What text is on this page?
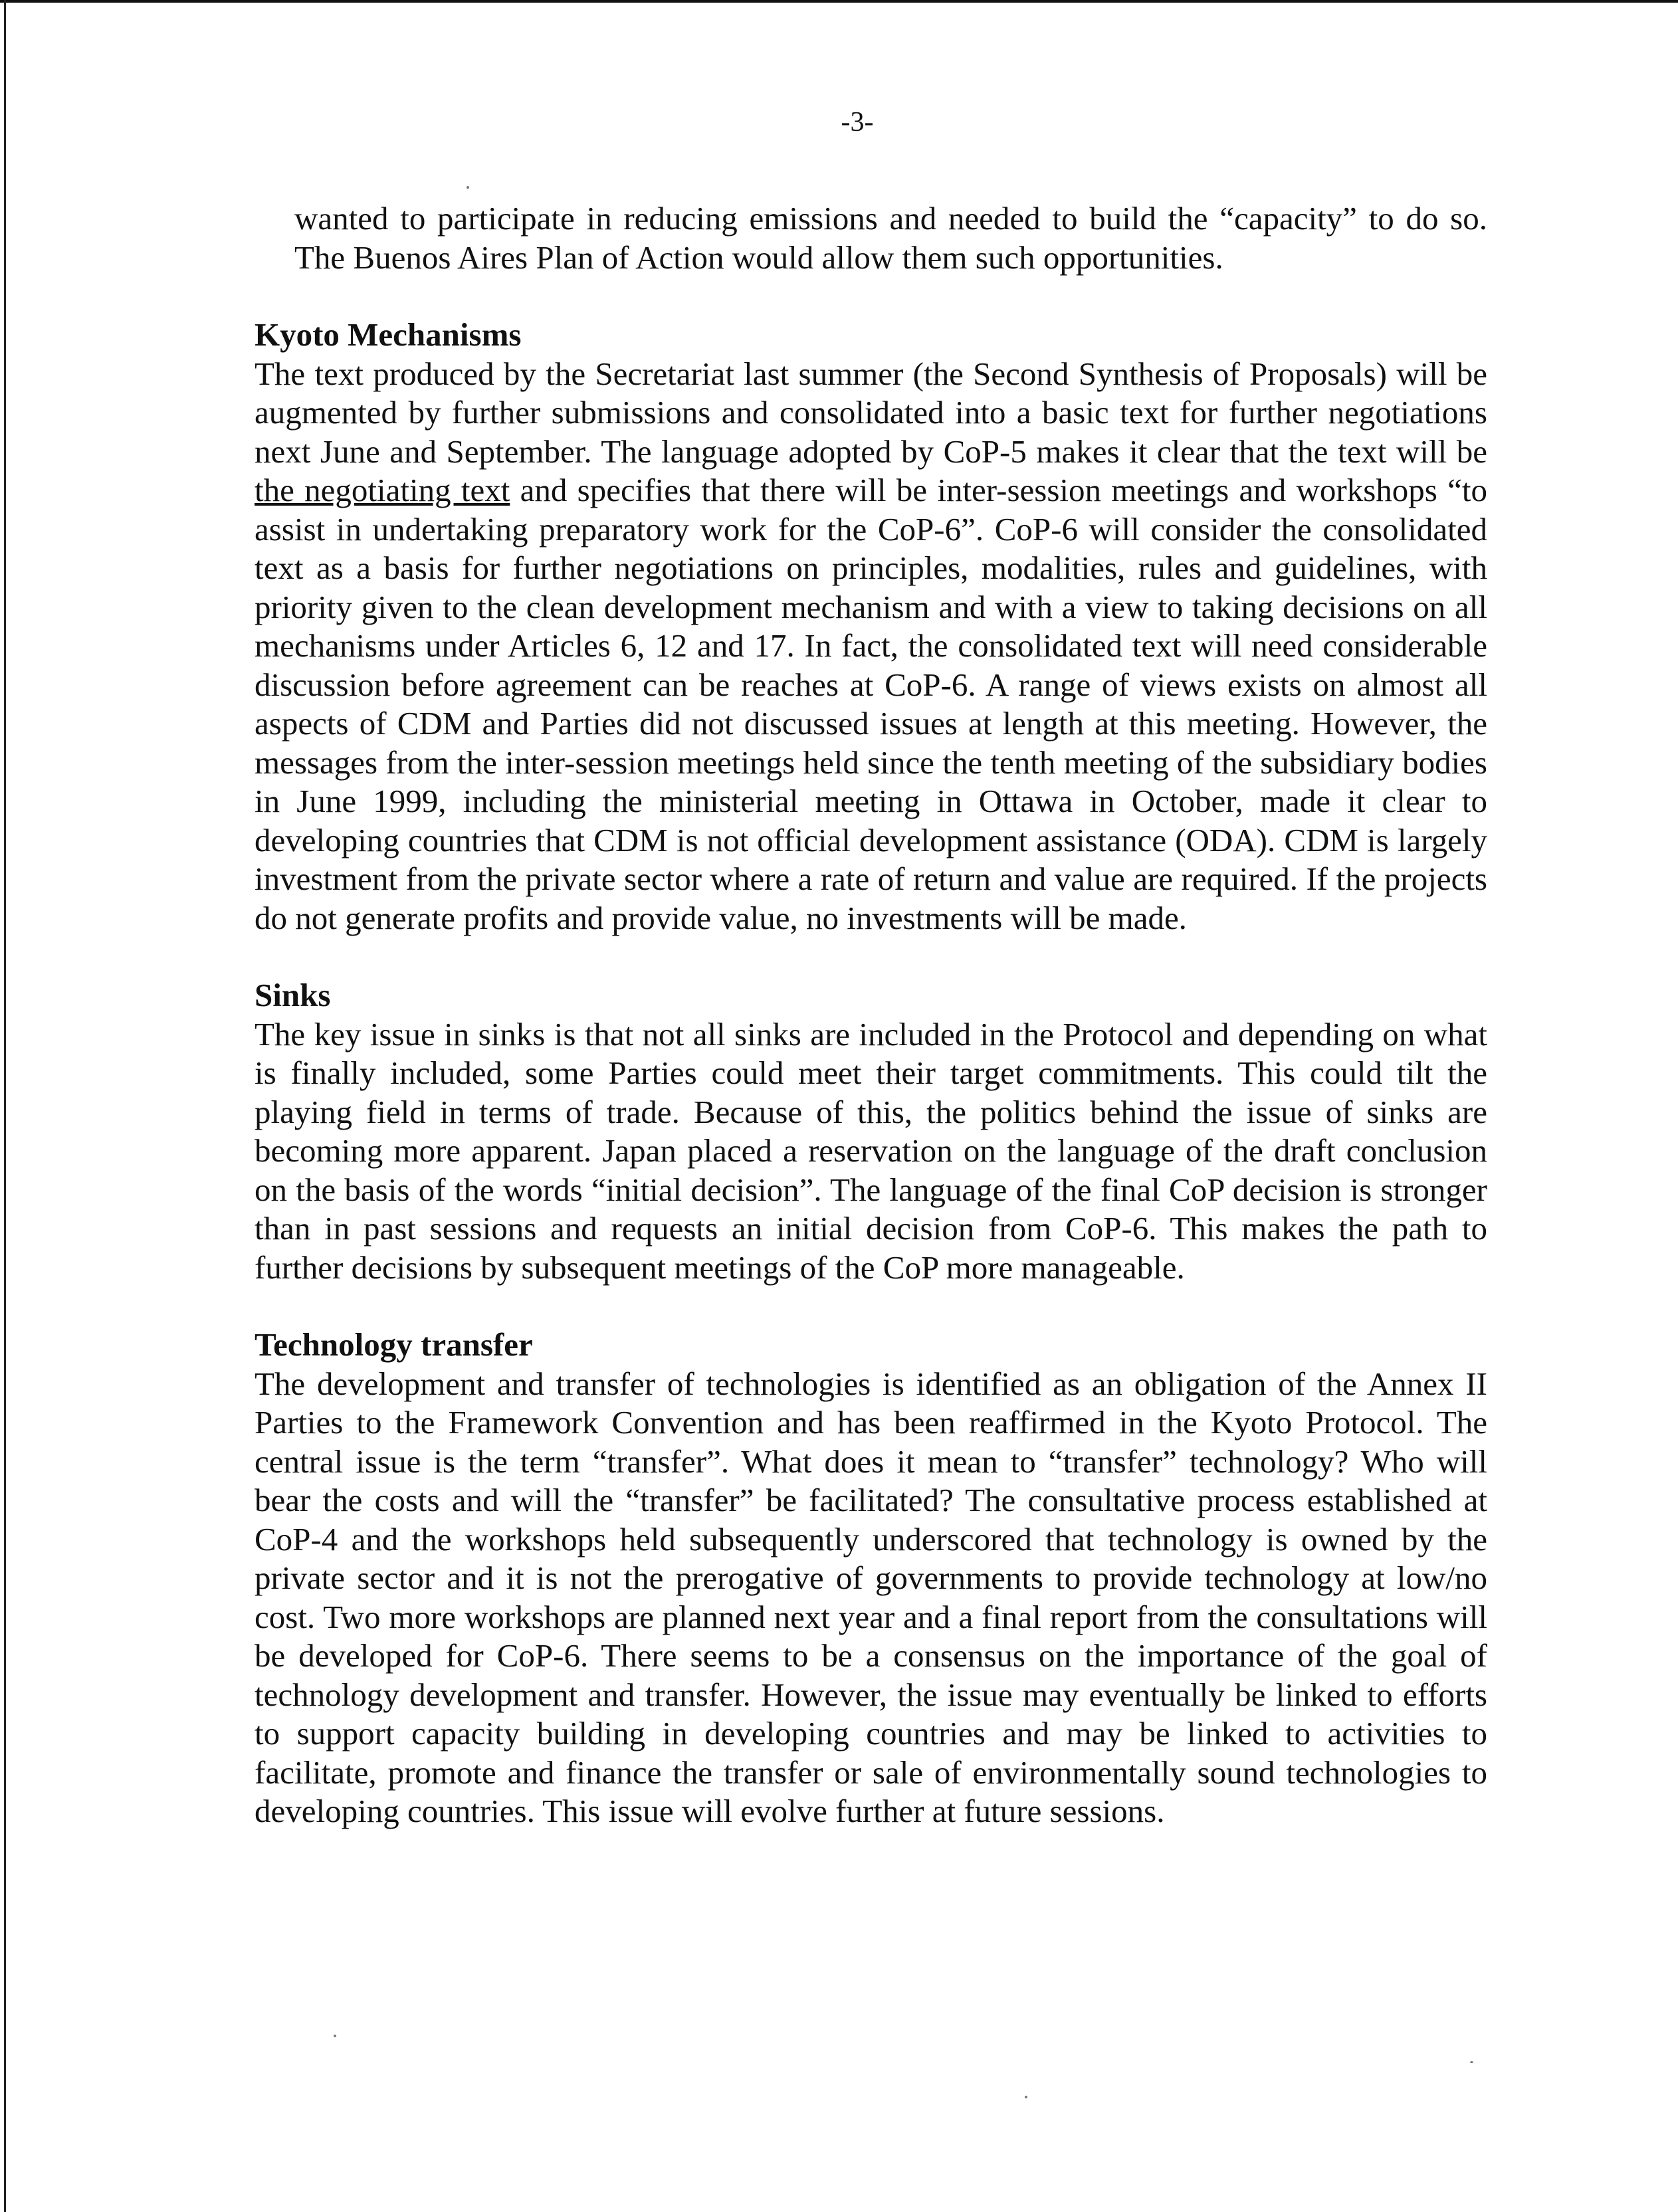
-3-

wanted to participate in reducing emissions and needed to build the “capacity” to do so. The Buenos Aires Plan of Action would allow them such opportunities.

Kyoto Mechanisms

The text produced by the Secretariat last summer (the Second Synthesis of Proposals) will be augmented by further submissions and consolidated into a basic text for further negotiations next June and September. The language adopted by CoP-5 makes it clear that the text will be the negotiating text and specifies that there will be inter-session meetings and workshops “to assist in undertaking preparatory work for the CoP-6”. CoP-6 will consider the consolidated text as a basis for further negotiations on principles, modalities, rules and guidelines, with priority given to the clean development mechanism and with a view to taking decisions on all mechanisms under Articles 6, 12 and 17. In fact, the consolidated text will need considerable discussion before agreement can be reaches at CoP-6. A range of views exists on almost all aspects of CDM and Parties did not discussed issues at length at this meeting. However, the messages from the inter-session meetings held since the tenth meeting of the subsidiary bodies in June 1999, including the ministerial meeting in Ottawa in October, made it clear to developing countries that CDM is not official development assistance (ODA). CDM is largely investment from the private sector where a rate of return and value are required. If the projects do not generate profits and provide value, no investments will be made.

Sinks

The key issue in sinks is that not all sinks are included in the Protocol and depending on what is finally included, some Parties could meet their target commitments. This could tilt the playing field in terms of trade. Because of this, the politics behind the issue of sinks are becoming more apparent. Japan placed a reservation on the language of the draft conclusion on the basis of the words “initial decision”. The language of the final CoP decision is stronger than in past sessions and requests an initial decision from CoP-6. This makes the path to further decisions by subsequent meetings of the CoP more manageable.

Technology transfer

The development and transfer of technologies is identified as an obligation of the Annex II Parties to the Framework Convention and has been reaffirmed in the Kyoto Protocol. The central issue is the term “transfer”. What does it mean to “transfer” technology? Who will bear the costs and will the “transfer” be facilitated? The consultative process established at CoP-4 and the workshops held subsequently underscored that technology is owned by the private sector and it is not the prerogative of governments to provide technology at low/no cost. Two more workshops are planned next year and a final report from the consultations will be developed for CoP-6. There seems to be a consensus on the importance of the goal of technology development and transfer. However, the issue may eventually be linked to efforts to support capacity building in developing countries and may be linked to activities to facilitate, promote and finance the transfer or sale of environmentally sound technologies to developing countries. This issue will evolve further at future sessions.
